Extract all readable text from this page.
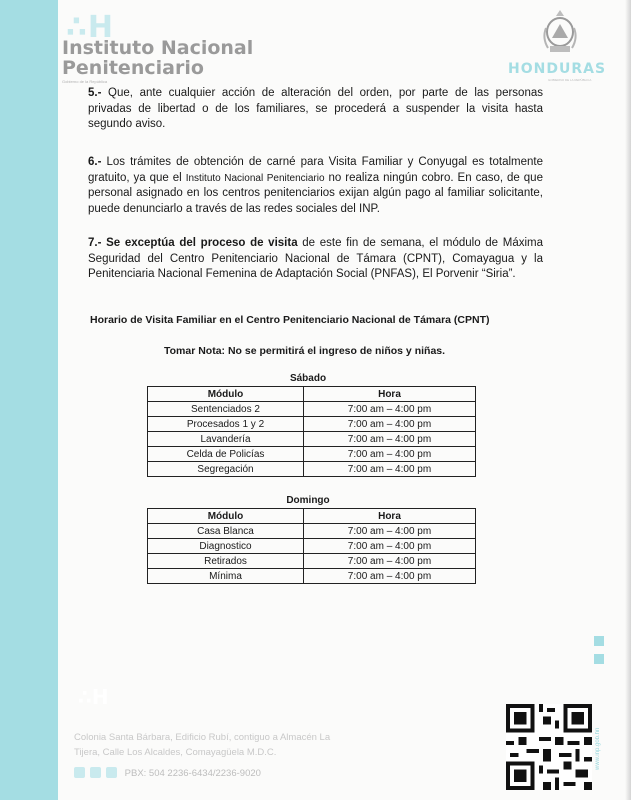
∴H
Instituto Nacional
Penitenciario
Gobierno de la República
HONDURAS
GOBIERNO DE LA REPÚBLICA
5.- Que, ante cualquier acción de alteración del orden, por parte de las personas privadas de libertad o de los familiares, se procederá a suspender la visita hasta segundo aviso.
6.- Los trámites de obtención de carné para Visita Familiar y Conyugal es totalmente gratuito, ya que el Instituto Nacional Penitenciario no realiza ningún cobro. En caso, de que personal asignado en los centros penitenciarios exijan algún pago al familiar solicitante, puede denunciarlo a través de las redes sociales del INP.
7.- Se exceptúa del proceso de visita de este fin de semana, el módulo de Máxima Seguridad del Centro Penitenciario Nacional de Támara (CPNT), Comayagua y la Penitenciaria Nacional Femenina de Adaptación Social (PNFAS), El Porvenir “Siria”.
Horario de Visita Familiar en el Centro Penitenciario Nacional de Támara (CPNT)
Tomar Nota: No se permitirá el ingreso de niños y niñas.
Sábado
Módulo	Hora
Sentenciados 2	7:00 am – 4:00 pm
Procesados 1 y 2	7:00 am – 4:00 pm
Lavandería	7:00 am – 4:00 pm
Celda de Policías	7:00 am – 4:00 pm
Segregación	7:00 am – 4:00 pm
Domingo
Módulo	Hora
Casa Blanca	7:00 am – 4:00 pm
Diagnostico	7:00 am – 4:00 pm
Retirados	7:00 am – 4:00 pm
Mínima	7:00 am – 4:00 pm
∴H
Colonia Santa Bárbara, Edificio Rubí, contiguo a Almacén La
Tijera, Calle Los Alcaldes, Comayagüela M.D.C.
PBX: 504 2236-6434/2236-9020
www.inp.gob.hn
